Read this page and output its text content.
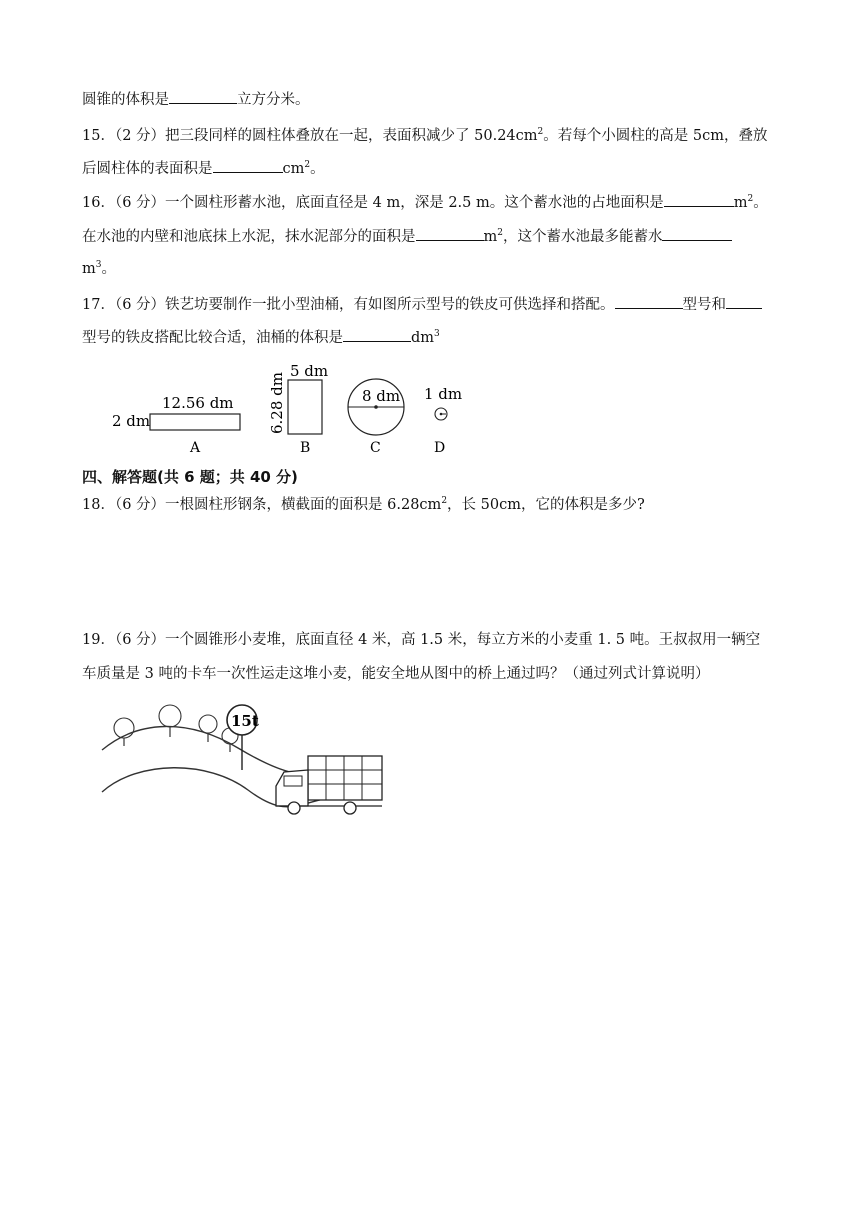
圆锥的体积是	立方分米。
15．（2 分）把三段同样的圆柱体叠放在一起，表面积减少了 $50.24cm^2$。若每个小圆柱的高是 5cm，叠放
后圆柱体的表面积是	$cm^2$。
16．（6 分）一个圆柱形蓄水池，底面直径是 4 m，深是 2.5 m。这个蓄水池的占地面积是	$m^2$。
在水池的内壁和池底抹上水泥，抹水泥部分的面积是	$m^2$，这个蓄水池最多能蓄水
$m^3$。
17．（6 分）铁艺坊要制作一批小型油桶，有如图所示型号的铁皮可供选择和搭配。	型号和
型号的铁皮搭配比较合适，油桶的体积是	$dm^3$
2 dm
12.56 dm
A
5 dm
6.28 dm
B
8 dm
C
1 dm
D
四、解答题(共 6 题；共 40 分)
18．（6 分）一根圆柱形钢条，横截面的面积是 $6.28cm^2$，长 50cm，它的体积是多少?
19．（6 分）一个圆锥形小麦堆，底面直径 4 米，高 1.5 米，每立方米的小麦重 1. 5 吨。王叔叔用一辆空
车质量是 3 吨的卡车一次性运走这堆小麦，能安全地从图中的桥上通过吗？（通过列式计算说明）
15t
